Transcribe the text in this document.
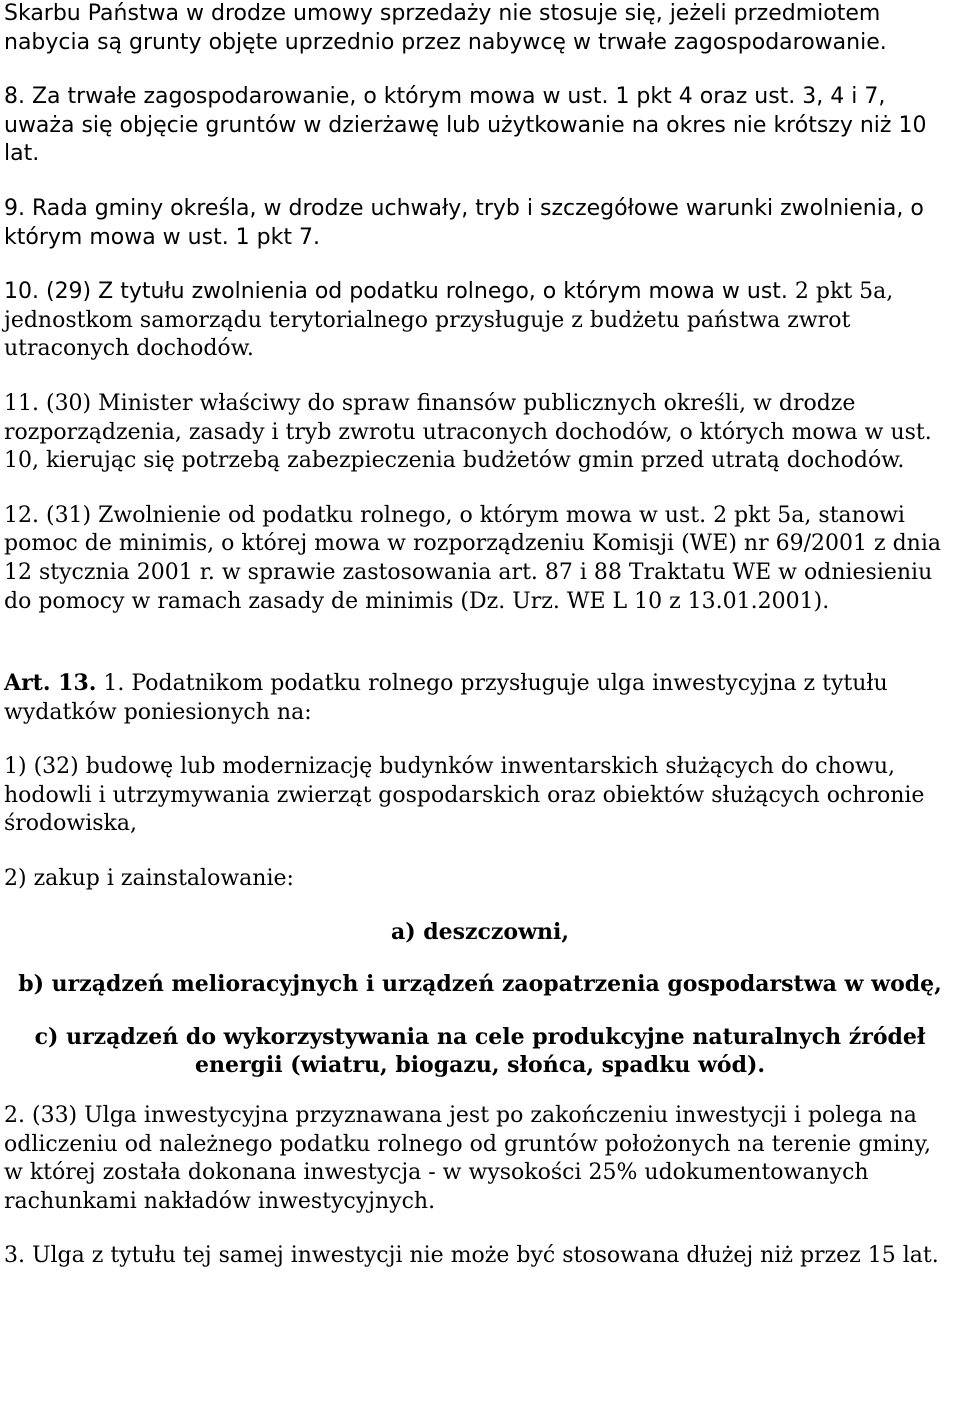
Skarbu Państwa w drodze umowy sprzedaży nie stosuje się, jeżeli przedmiotem nabycia są grunty objęte uprzednio przez nabywcę w trwałe zagospodarowanie.

8. Za trwałe zagospodarowanie, o którym mowa w ust. 1 pkt 4 oraz ust. 3, 4 i 7, uważa się objęcie gruntów w dzierżawę lub użytkowanie na okres nie krótszy niż 10 lat.

9. Rada gminy określa, w drodze uchwały, tryb i szczegółowe warunki zwolnienia, o którym mowa w ust. 1 pkt 7.

10. (29) Z tytułu zwolnienia od podatku rolnego, o którym mowa w ust. 2 pkt 5a, jednostkom samorządu terytorialnego przysługuje z budżetu państwa zwrot utraconych dochodów.

11. (30) Minister właściwy do spraw finansów publicznych określi, w drodze rozporządzenia, zasady i tryb zwrotu utraconych dochodów, o których mowa w ust. 10, kierując się potrzebą zabezpieczenia budżetów gmin przed utratą dochodów.

12. (31) Zwolnienie od podatku rolnego, o którym mowa w ust. 2 pkt 5a, stanowi pomoc de minimis, o której mowa w rozporządzeniu Komisji (WE) nr 69/2001 z dnia 12 stycznia 2001 r. w sprawie zastosowania art. 87 i 88 Traktatu WE w odniesieniu do pomocy w ramach zasady de minimis (Dz. Urz. WE L 10 z 13.01.2001).

Art. 13. 1. Podatnikom podatku rolnego przysługuje ulga inwestycyjna z tytułu wydatków poniesionych na:

1) (32) budowę lub modernizację budynków inwentarskich służących do chowu, hodowli i utrzymywania zwierząt gospodarskich oraz obiektów służących ochronie środowiska,

2) zakup i zainstalowanie:

a) deszczowni,

b) urządzeń melioracyjnych i urządzeń zaopatrzenia gospodarstwa w wodę,

c) urządzeń do wykorzystywania na cele produkcyjne naturalnych źródeł energii (wiatru, biogazu, słońca, spadku wód).

2. (33) Ulga inwestycyjna przyznawana jest po zakończeniu inwestycji i polega na odliczeniu od należnego podatku rolnego od gruntów położonych na terenie gminy, w której została dokonana inwestycja - w wysokości 25% udokumentowanych rachunkami nakładów inwestycyjnych.

3. Ulga z tytułu tej samej inwestycji nie może być stosowana dłużej niż przez 15 lat.
